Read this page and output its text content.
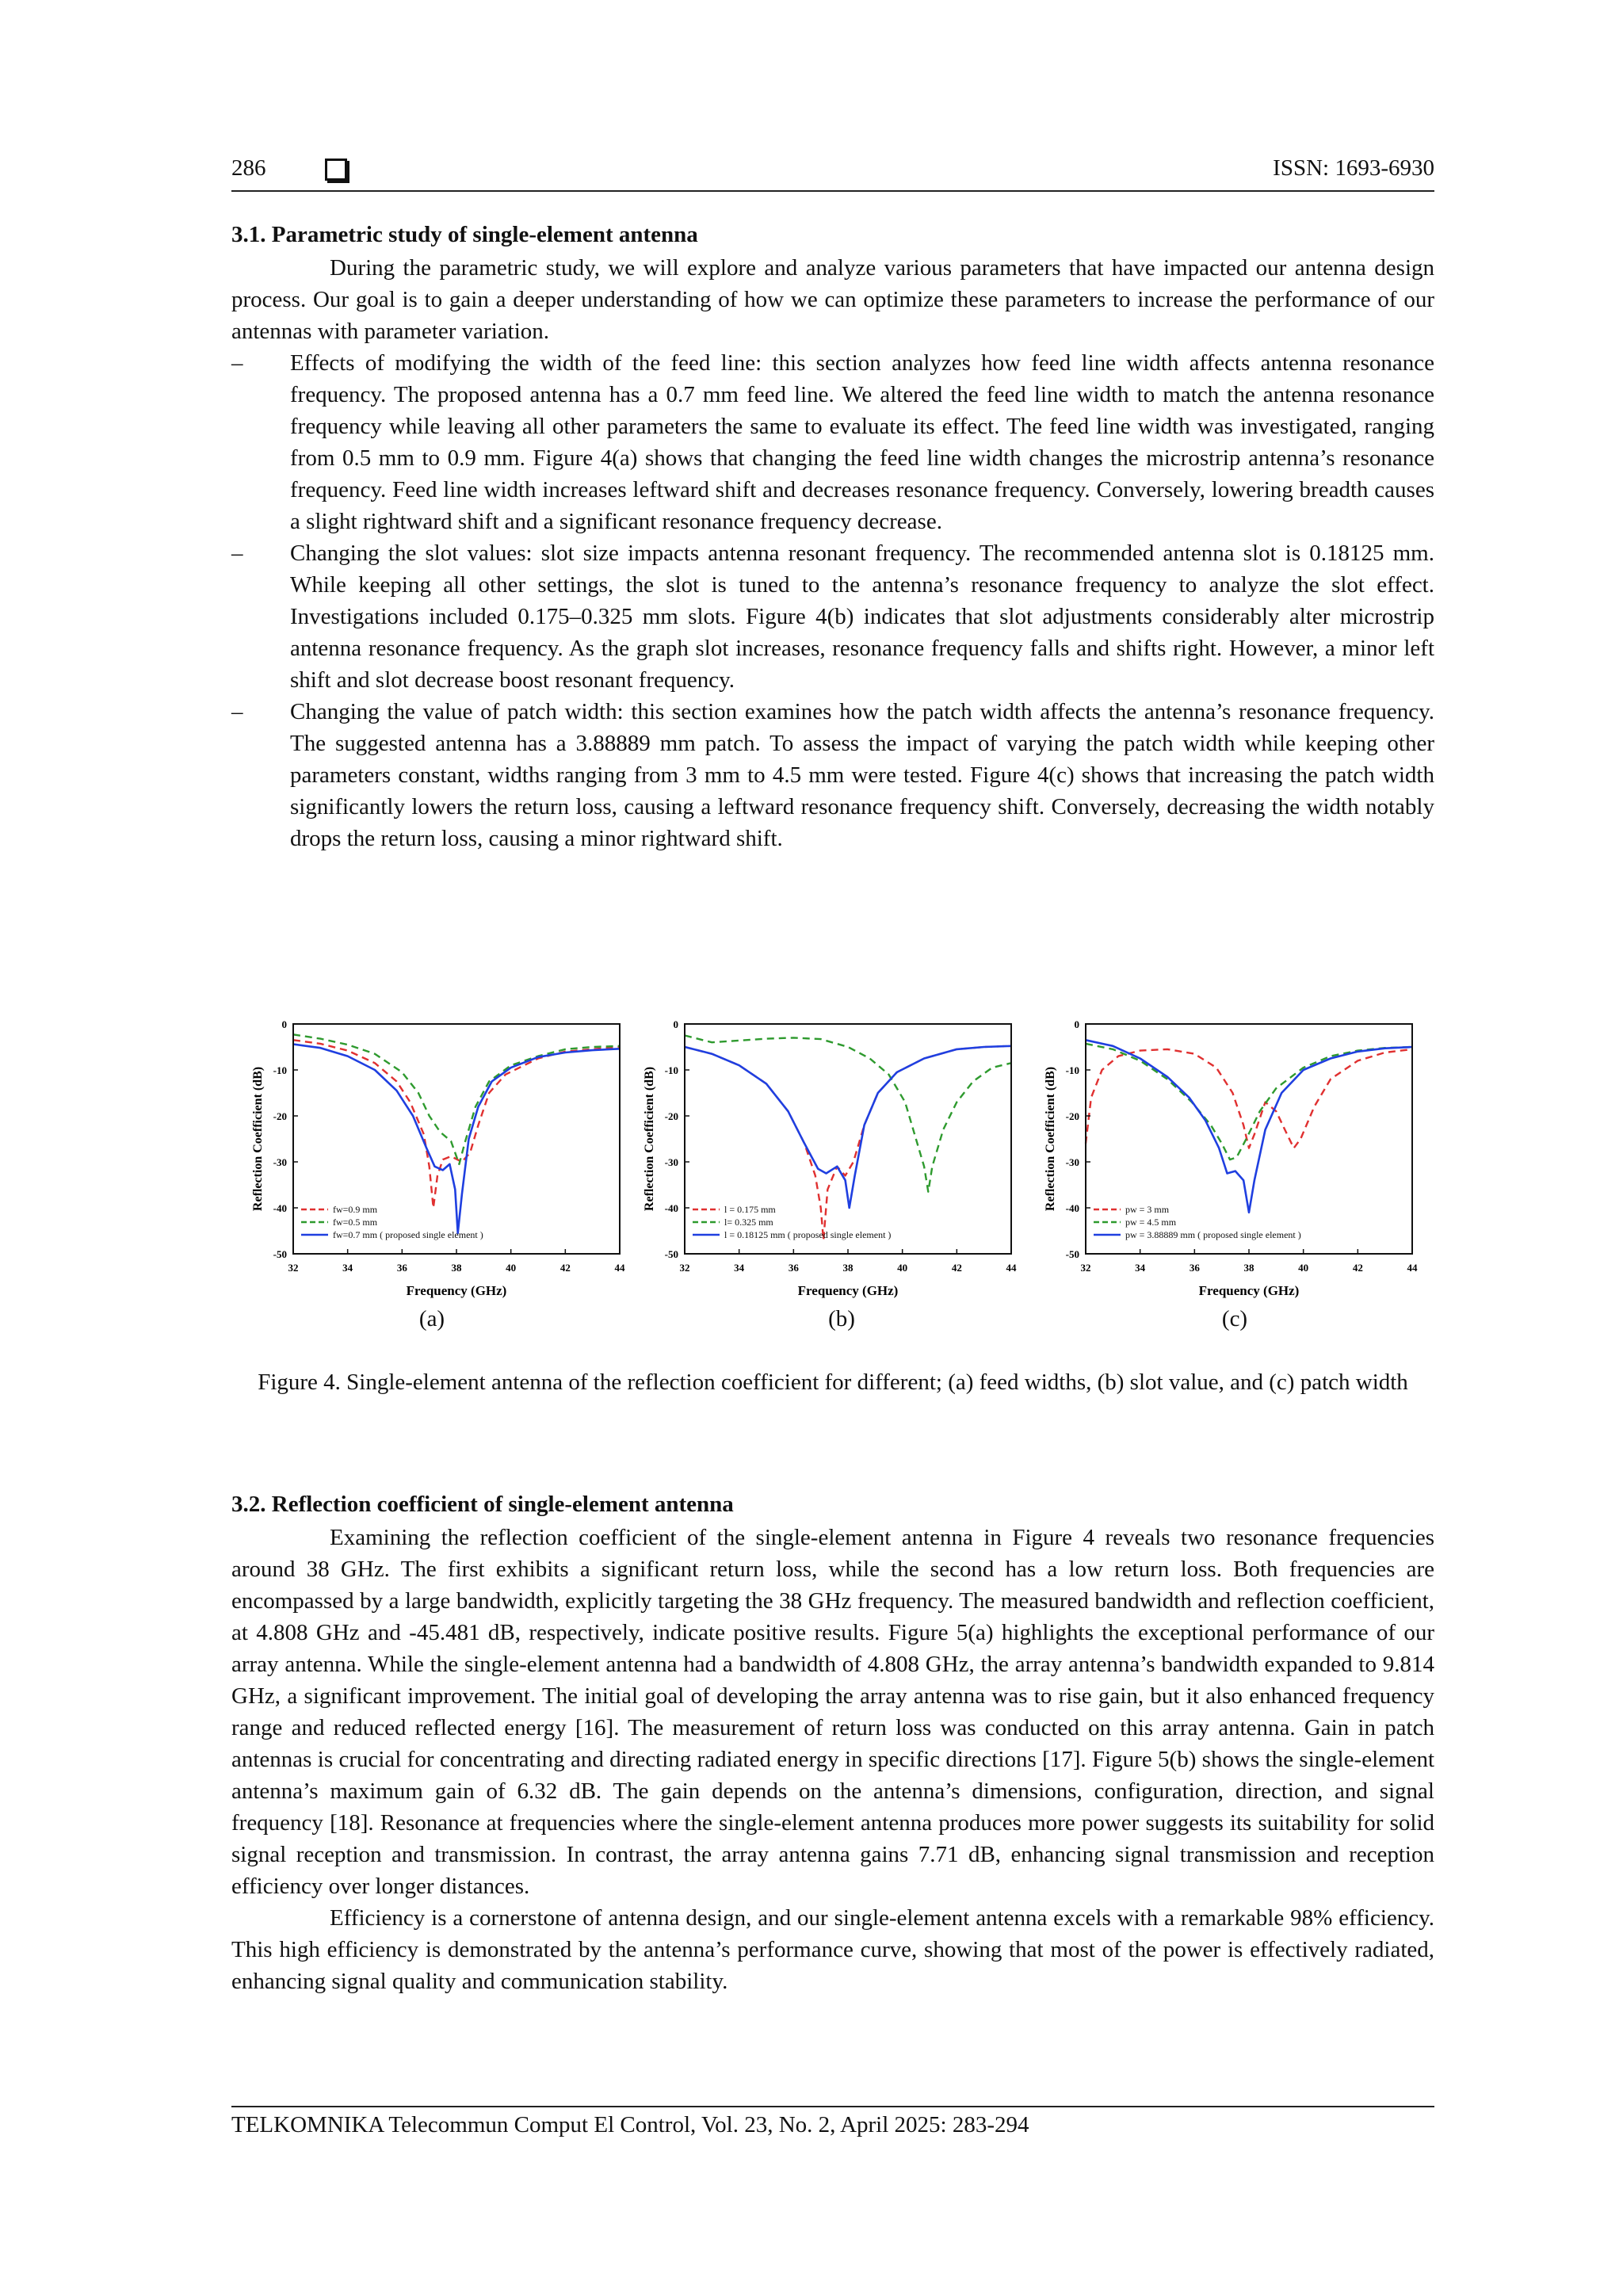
286	ISSN: 1693-6930
3.1. Parametric study of single-element antenna

During the parametric study, we will explore and analyze various parameters that have impacted our antenna design process. Our goal is to gain a deeper understanding of how we can optimize these parameters to increase the performance of our antennas with parameter variation.

– Effects of modifying the width of the feed line: this section analyzes how feed line width affects antenna resonance frequency. The proposed antenna has a 0.7 mm feed line. We altered the feed line width to match the antenna resonance frequency while leaving all other parameters the same to evaluate its effect. The feed line width was investigated, ranging from 0.5 mm to 0.9 mm. Figure 4(a) shows that changing the feed line width changes the microstrip antenna’s resonance frequency. Feed line width increases leftward shift and decreases resonance frequency. Conversely, lowering breadth causes a slight rightward shift and a significant resonance frequency decrease.
– Changing the slot values: slot size impacts antenna resonant frequency. The recommended antenna slot is 0.18125 mm. While keeping all other settings, the slot is tuned to the antenna’s resonance frequency to analyze the slot effect. Investigations included 0.175–0.325 mm slots. Figure 4(b) indicates that slot adjustments considerably alter microstrip antenna resonance frequency. As the graph slot increases, resonance frequency falls and shifts right. However, a minor left shift and slot decrease boost resonant frequency.
– Changing the value of patch width: this section examines how the patch width affects the antenna’s resonance frequency. The suggested antenna has a 3.88889 mm patch. To assess the impact of varying the patch width while keeping other parameters constant, widths ranging from 3 mm to 4.5 mm were tested. Figure 4(c) shows that increasing the patch width significantly lowers the return loss, causing a leftward resonance frequency shift. Conversely, decreasing the width notably drops the return loss, causing a minor rightward shift.
32	34	36	38	40	42	44
0
-10
-20
-30
-40
-50
Frequency (GHz)
Reflection Coefficient (dB)	fw=0.9 mm
fw=0.5 mm
fw=0.7 mm ( proposed single element )
32	34	36	38	40	42	44
0
-10
-20
-30
-40
-50
Frequency (GHz)
Reflection Coefficient (dB)	l = 0.175 mm
l= 0.325 mm
l = 0.18125 mm ( proposed single element )
32	34	36	38	40	42	44
0
-10
-20
-30
-40
-50
Frequency (GHz)
Reflection Coefficient (dB)	pw = 3 mm
pw = 4.5 mm
pw = 3.88889 mm ( proposed single element )
(a)	(b)	(c)
Figure 4. Single-element antenna of the reflection coefficient for different; (a) feed widths, (b) slot value, and (c) patch width
3.2. Reflection coefficient of single-element antenna

Examining the reflection coefficient of the single-element antenna in Figure 4 reveals two resonance frequencies around 38 GHz. The first exhibits a significant return loss, while the second has a low return loss. Both frequencies are encompassed by a large bandwidth, explicitly targeting the 38 GHz frequency. The measured bandwidth and reflection coefficient, at 4.808 GHz and -45.481 dB, respectively, indicate positive results. Figure 5(a) highlights the exceptional performance of our array antenna. While the single-element antenna had a bandwidth of 4.808 GHz, the array antenna’s bandwidth expanded to 9.814 GHz, a significant improvement. The initial goal of developing the array antenna was to rise gain, but it also enhanced frequency range and reduced reflected energy [16]. The measurement of return loss was conducted on this array antenna. Gain in patch antennas is crucial for concentrating and directing radiated energy in specific directions [17]. Figure 5(b) shows the single-element antenna’s maximum gain of 6.32 dB. The gain depends on the antenna’s dimensions, configuration, direction, and signal frequency [18]. Resonance at frequencies where the single-element antenna produces more power suggests its suitability for solid signal reception and transmission. In contrast, the array antenna gains 7.71 dB, enhancing signal transmission and reception efficiency over longer distances.

Efficiency is a cornerstone of antenna design, and our single-element antenna excels with a remarkable 98% efficiency. This high efficiency is demonstrated by the antenna’s performance curve, showing that most of the power is effectively radiated, enhancing signal quality and communication stability.

TELKOMNIKA Telecommun Comput El Control, Vol. 23, No. 2, April 2025: 283-294
